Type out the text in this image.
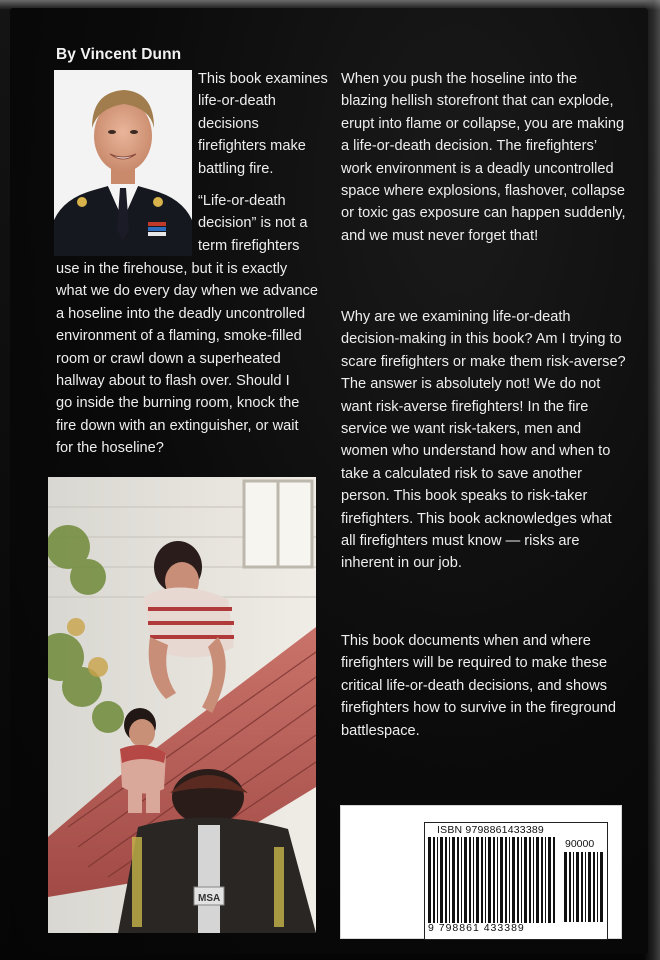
By Vincent Dunn
This book examines life-or-death decisions firefighters make battling fire.
“Life-or-death
decision” is not a
term firefighters
use in the firehouse, but it is exactly
what we do every day when we advance
a hoseline into the deadly uncontrolled
environment of a flaming, smoke-filled
room or crawl down a superheated
hallway about to flash over. Should I
go inside the burning room, knock the
fire down with an extinguisher, or wait
for the hoseline?
When you push the hoseline into the blazing hellish storefront that can explode, erupt into flame or collapse, you are making a life-or-death decision. The firefighters’ work environment is a deadly uncontrolled space where explosions, flashover, collapse or toxic gas exposure can happen suddenly, and we must never forget that!
Why are we examining life-or-death decision-making in this book? Am I trying to scare firefighters or make them risk-averse? The answer is absolutely not! We do not want risk-averse firefighters! In the fire service we want risk-takers, men and women who understand how and when to take a calculated risk to save another person. This book speaks to risk-taker firefighters. This book acknowledges what all firefighters must know — risks are inherent in our job.
This book documents when and where firefighters will be required to make these critical life-or-death decisions, and shows firefighters how to survive in the fireground battlespace.
MSA
ISBN 9798861433389
90000
9 798861 433389
